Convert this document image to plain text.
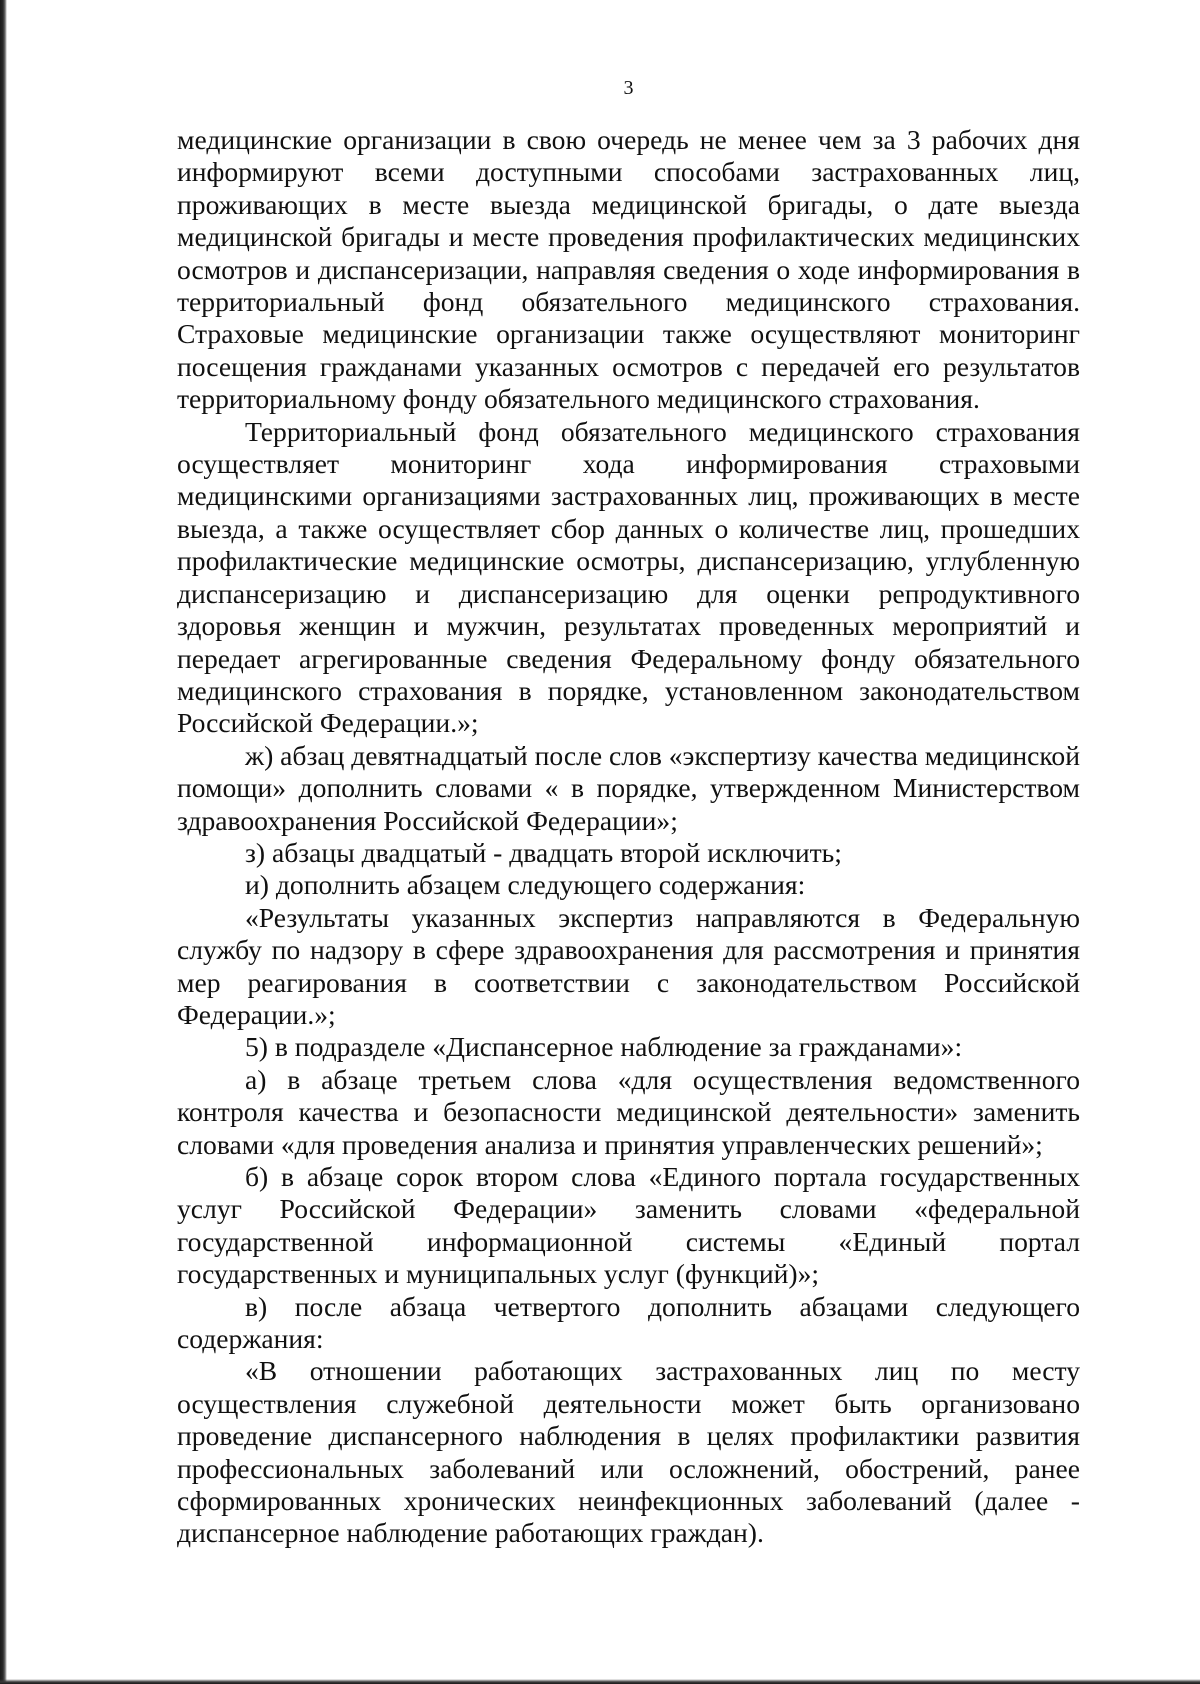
3

медицинские организации в свою очередь не менее чем за 3 рабочих дня информируют всеми доступными способами застрахованных лиц, проживающих в месте выезда медицинской бригады, о дате выезда медицинской бригады и месте проведения профилактических медицинских осмотров и диспансеризации, направляя сведения о ходе информирования в территориальный фонд обязательного медицинского страхования. Страховые медицинские организации также осуществляют мониторинг посещения гражданами указанных осмотров с передачей его результатов территориальному фонду обязательного медицинского страхования.

Территориальный фонд обязательного медицинского страхования осуществляет мониторинг хода информирования страховыми медицинскими организациями застрахованных лиц, проживающих в месте выезда, а также осуществляет сбор данных о количестве лиц, прошедших профилактические медицинские осмотры, диспансеризацию, углубленную диспансеризацию и диспансеризацию для оценки репродуктивного здоровья женщин и мужчин, результатах проведенных мероприятий и передает агрегированные сведения Федеральному фонду обязательного медицинского страхования в порядке, установленном законодательством Российской Федерации.»;

ж) абзац девятнадцатый после слов «экспертизу качества медицинской помощи» дополнить словами « в порядке, утвержденном Министерством здравоохранения Российской Федерации»;

з) абзацы двадцатый - двадцать второй исключить;

и) дополнить абзацем следующего содержания:

«Результаты указанных экспертиз направляются в Федеральную службу по надзору в сфере здравоохранения для рассмотрения и принятия мер реагирования в соответствии с законодательством Российской Федерации.»;

5) в подразделе «Диспансерное наблюдение за гражданами»:

а) в абзаце третьем слова «для осуществления ведомственного контроля качества и безопасности медицинской деятельности» заменить словами «для проведения анализа и принятия управленческих решений»;

б) в абзаце сорок втором слова «Единого портала государственных услуг Российской Федерации» заменить словами «федеральной государственной информационной системы «Единый портал государственных и муниципальных услуг (функций)»;

в) после абзаца четвертого дополнить абзацами следующего содержания:

«В отношении работающих застрахованных лиц по месту осуществления служебной деятельности может быть организовано проведение диспансерного наблюдения в целях профилактики развития профессиональных заболеваний или осложнений, обострений, ранее сформированных хронических неинфекционных заболеваний (далее - диспансерное наблюдение работающих граждан).
